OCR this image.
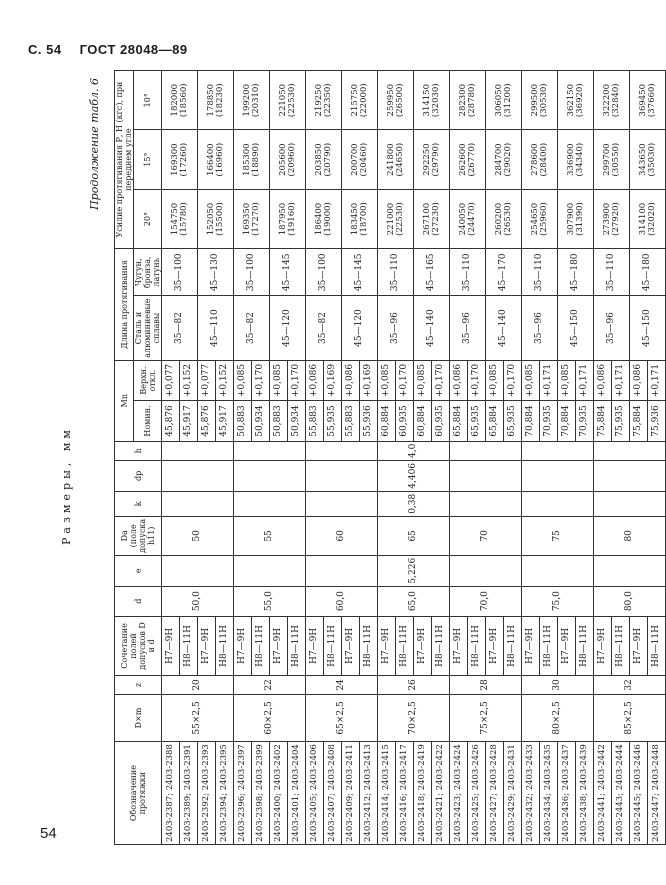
С. 54 ГОСТ 28048—89
Продолжение табл. 6
Размеры, мм
Обозначение протяжки	D×m	z	Сочетание полей допусков D и d	d	e	Da (поле допуска h11)	k	dp	h	Мn		Длина протягивания		Усилие протягивания Р, Н (кгс), при переднем угле		
										Номин.	Верхн. откл.	Сталь и алюминиевые сплавы	Чугун, бронза, латунь	20°	15°	10°
2403-2387; 2403-2388	55×2,5	20	Н7—9Н	50,0		50				45,876	+0,077	35—82	35—100	154750 (15780)	169300 (17260)	182000 (18560)

2403-2389; 2403-2391			Н8—11Н							45,917	+0,152					
2403-2392; 2403-2393			Н7—9Н							45,876	+0,077	45—110	45—130	152050 (15500)	166400 (16960)	178850 (18230)

2403-2394; 2403-2395			Н8—11Н							45,917	+0,152					
2403-2396; 2403-2397	60×2,5	22	Н7—9Н	55,0		55				50,883	+0,085	35—82	35—100	169350 (17270)	185300 (18890)	199200 (20310)

2403-2398; 2403-2399			Н8—11Н							50,934	+0,170					
2403-2400; 2403-2402			Н7—9Н							50,883	+0,085	45—120	45—145	187950 (19160)	205600 (20960)	221050 (22530)

2403-2401; 2403-2404			Н8—11Н							50,934	+0,170					
2403-2405; 2403-2406	65×2,5	24	Н7—9Н	60,0		60				55,883	+0,086	35—82	35—100	186400 (19000)	203850 (20790)	219250 (22350)

2403-2407; 2403-2408			Н8—11Н							55,935	+0,169					
2403-2409; 2403-2411			Н7—9Н							55,883	+0,086	45—120	45—145	183450 (18700)	200700 (20460)	215750 (22000)

2403-2412; 2403-2413			Н8—11Н							55,936	+0,169					
2403-2414; 2403-2415	70×2,5	26	Н7—9Н	65,0	5,226	65	0,38	4,406	4,0	60,884	+0,085	35—96	35—110	221000 (22530)	241800 (24650)	259950 (26500)

2403-2416; 2403-2417			Н8—11Н							60,935	+0,170					
2403-2418; 2403-2419			Н7—9Н							60,884	+0,085	45—140	45—165	267100 (27230)	292250 (29790)	314150 (32030)

2403-2421; 2403-2422			Н8—11Н							60,935	+0,170					
2403-2423; 2403-2424	75×2,5	28	Н7—9Н	70,0		70				65,884	+0,086	35—96	35—110	240050 (24470)	262600 (26770)	282300 (28780)

2403-2425; 2403-2426			Н8—11Н							65,935	+0,170					
2403-2427; 2403-2428			Н7—9Н							65,884	+0,085	45—140	45—170	260200 (26530)	284700 (29020)	306050 (31200)

2403-2429; 2403-2431			Н8—11Н							65,935	+0,170					
2403-2432; 2403-2433	80×2,5	30	Н7—9Н	75,0		75				70,884	+0,085	35—96	35—110	254650 (25960)	278600 (28400)	299500 (30530)

2403-2434; 2403-2435			Н8—11Н							70,935	+0,171					
2403-2436; 2403-2437			Н7—9Н							70,884	+0,085	45—150	45—180	307900 (31390)	336900 (34340)	362150 (36920)

2403-2438; 2403-2439			Н8—11Н							70,935	+0,171					
2403-2441; 2403-2442	85×2,5	32	Н7—9Н	80,0		80				75,884	+0,086	35—96	35—110	273900 (27920)	299700 (30550)	322200 (32840)

2403-2443; 2403-2444			Н8—11Н							75,935	+0,171					
2403-2445; 2403-2446			Н7—9Н							75,884	+0,086	45—150	45—180	314100 (32020)	343650 (35030)	369450 (37660)

2403-2447; 2403-2448			Н8—11Н							75,936	+0,171					
54
